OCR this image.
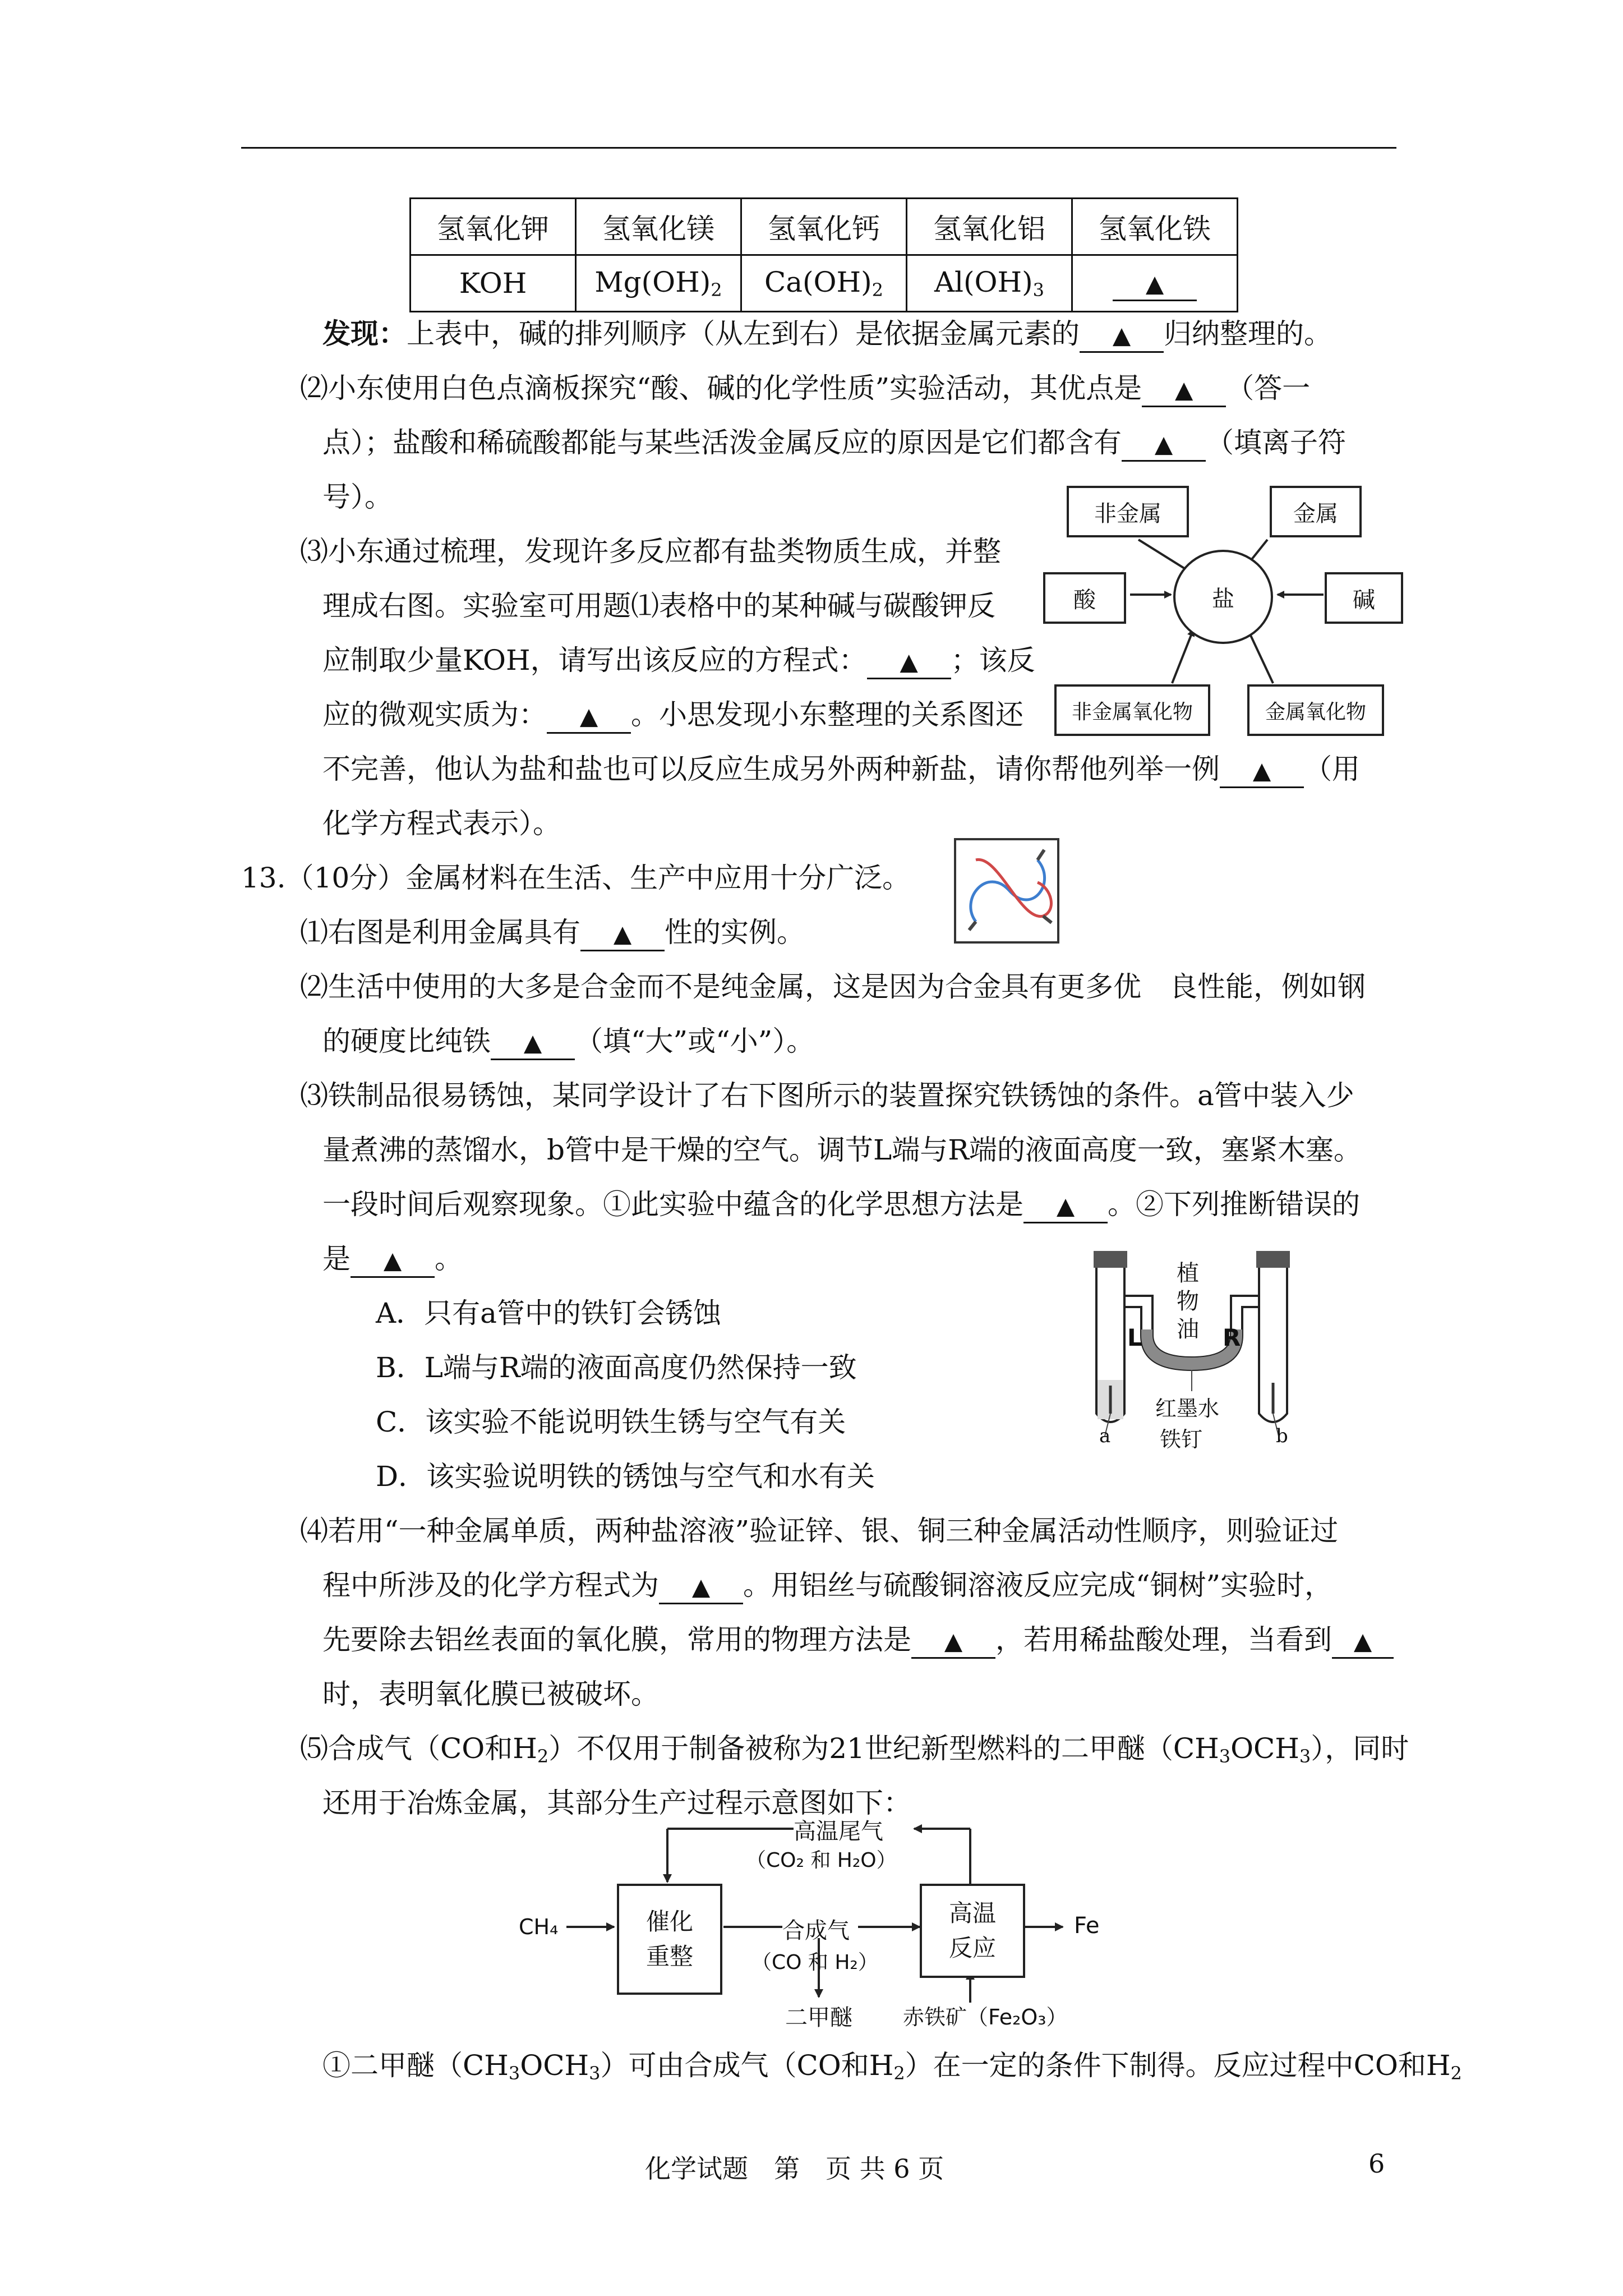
氢氧化钾	氢氧化镁	氢氧化钙	氢氧化铝	氢氧化铁
KOH	$Mg(OH)_2$	$Ca(OH)_2$	$Al(OH)_3$	▲
发现：上表中，碱的排列顺序（从左到右）是依据金属元素的 ▲ 归纳整理的。
⑵小东使用白色点滴板探究“酸、碱的化学性质”实验活动，其优点是 ▲ （答一
点）；盐酸和稀硫酸都能与某些活泼金属反应的原因是它们都含有 ▲ （填离子符
号）。
⑶小东通过梳理，发现许多反应都有盐类物质生成，并整
理成右图。实验室可用题⑴表格中的某种碱与碳酸钾反
应制取少量KOH，请写出该反应的方程式： ▲ ；该反
应的微观实质为： ▲ 。小思发现小东整理的关系图还
不完善，他认为盐和盐也可以反应生成另外两种新盐，请你帮他列举一例 ▲ （用
化学方程式表示）。
非金属	金属
酸	盐	碱
非金属氧化物	金属氧化物
13.（10分）金属材料在生活、生产中应用十分广泛。
⑴右图是利用金属具有 ▲ 性的实例。
⑵生活中使用的大多是合金而不是纯金属，这是因为合金具有更多优　良性能，例如钢
的硬度比纯铁 ▲ （填“大”或“小”）。
⑶铁制品很易锈蚀，某同学设计了右下图所示的装置探究铁锈蚀的条件。a管中装入少
量煮沸的蒸馏水，b管中是干燥的空气。调节L端与R端的液面高度一致，塞紧木塞。
一段时间后观察现象。①此实验中蕴含的化学思想方法是 ▲ 。②下列推断错误的
是 ▲ 。
A．只有a管中的铁钉会锈蚀
B．L端与R端的液面高度仍然保持一致
C．该实验不能说明铁生锈与空气有关
D．该实验说明铁的锈蚀与空气和水有关
植
物
油
L	R
红墨水
铁钉
a	b
⑷若用“一种金属单质，两种盐溶液”验证锌、银、铜三种金属活动性顺序，则验证过
程中所涉及的化学方程式为 ▲ 。用铝丝与硫酸铜溶液反应完成“铜树”实验时，
先要除去铝丝表面的氧化膜，常用的物理方法是 ▲ ，若用稀盐酸处理，当看到 ▲
时，表明氧化膜已被破坏。
⑸合成气（CO和$H_2$）不仅用于制备被称为21世纪新型燃料的二甲醚$(CH_3OCH_3)$，同时
还用于冶炼金属，其部分生产过程示意图如下：
CH₄	催化
重整
合成气
（CO 和 H₂）
高温尾气
（CO₂ 和 H₂O）
高温
反应
Fe
二甲醚 赤铁矿（Fe₂O₃）
①二甲醚$(CH_3OCH_3)$可由合成气（CO和$H_2$）在一定的条件下制得。反应过程中CO和$H_2$
化学试题　第　页 共 6 页	6
